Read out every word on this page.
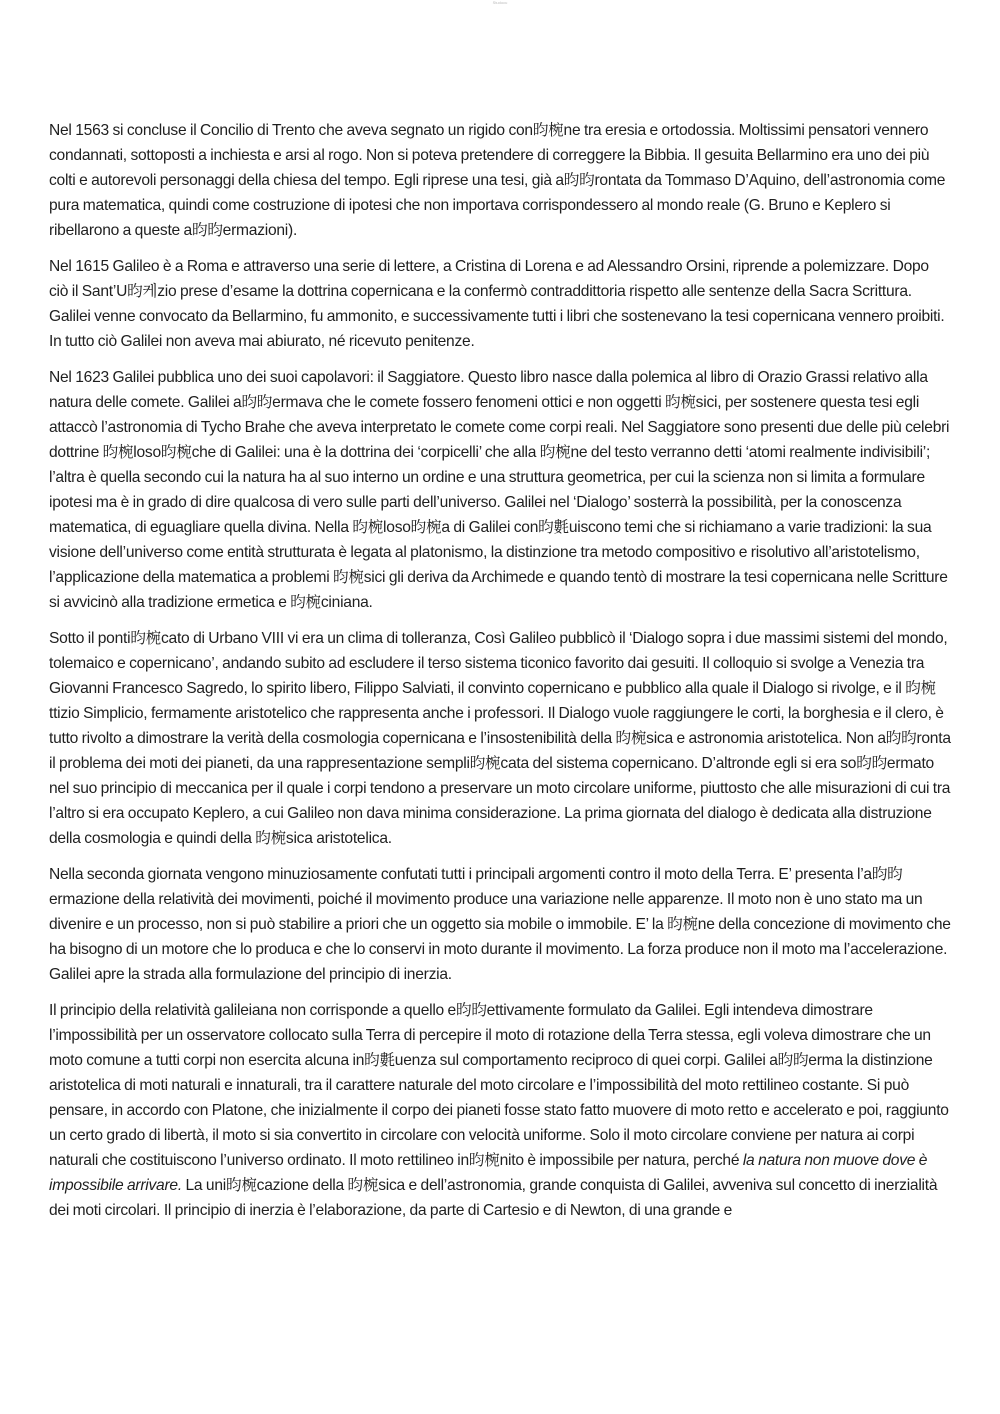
Studocu

Nel 1563 si concluse il Concilio di Trento che aveva segnato un rigido con昀椀ne tra eresia e ortodossia. Moltissimi pensatori vennero condannati, sottoposti a inchiesta e arsi al rogo. Non si poteva pretendere di correggere la Bibbia. Il gesuita Bellarmino era uno dei più colti e autorevoli personaggi della chiesa del tempo. Egli riprese una tesi, già a昀昀rontata da Tommaso D’Aquino, dell’astronomia come pura matematica, quindi come costruzione di ipotesi che non importava corrispondessero al mondo reale (G. Bruno e Keplero si ribellarono a queste a昀昀ermazioni).

Nel 1615 Galileo è a Roma e attraverso una serie di lettere, a Cristina di Lorena e ad Alessandro Orsini, riprende a polemizzare. Dopo ciò il Sant’U昀케zio prese d’esame la dottrina copernicana e la confermò contraddittoria rispetto alle sentenze della Sacra Scrittura. Galilei venne convocato da Bellarmino, fu ammonito, e successivamente tutti i libri che sostenevano la tesi copernicana vennero proibiti. In tutto ciò Galilei non aveva mai abiurato, né ricevuto penitenze.

Nel 1623 Galilei pubblica uno dei suoi capolavori: il Saggiatore. Questo libro nasce dalla polemica al libro di Orazio Grassi relativo alla natura delle comete. Galilei a昀昀ermava che le comete fossero fenomeni ottici e non oggetti 昀椀sici, per sostenere questa tesi egli attaccò l’astronomia di Tycho Brahe che aveva interpretato le comete come corpi reali. Nel Saggiatore sono presenti due delle più celebri dottrine 昀椀loso昀椀che di Galilei: una è la dottrina dei ‘corpicelli’ che alla 昀椀ne del testo verranno detti ‘atomi realmente indivisibili’; l’altra è quella secondo cui la natura ha al suo interno un ordine e una struttura geometrica, per cui la scienza non si limita a formulare ipotesi ma è in grado di dire qualcosa di vero sulle parti dell’universo. Galilei nel ‘Dialogo’ sosterrà la possibilità, per la conoscenza matematica, di eguagliare quella divina. Nella 昀椀loso昀椀a di Galilei con昀氀uiscono temi che si richiamano a varie tradizioni: la sua visione dell’universo come entità strutturata è legata al platonismo, la distinzione tra metodo compositivo e risolutivo all’aristotelismo, l’applicazione della matematica a problemi 昀椀sici gli deriva da Archimede e quando tentò di mostrare la tesi copernicana nelle Scritture si avvicinò alla tradizione ermetica e 昀椀ciniana.

Sotto il ponti昀椀cato di Urbano VIII vi era un clima di tolleranza, Così Galileo pubblicò il ‘Dialogo sopra i due massimi sistemi del mondo, tolemaico e copernicano’, andando subito ad escludere il terso sistema ticonico favorito dai gesuiti. Il colloquio si svolge a Venezia tra Giovanni Francesco Sagredo, lo spirito libero, Filippo Salviati, il convinto copernicano e pubblico alla quale il Dialogo si rivolge, e il 昀椀ttizio Simplicio, fermamente aristotelico che rappresenta anche i professori. Il Dialogo vuole raggiungere le corti, la borghesia e il clero, è tutto rivolto a dimostrare la verità della cosmologia copernicana e l’insostenibilità della 昀椀sica e astronomia aristotelica. Non a昀昀ronta il problema dei moti dei pianeti, da una rappresentazione sempli昀椀cata del sistema copernicano. D’altronde egli si era so昀昀ermato nel suo principio di meccanica per il quale i corpi tendono a preservare un moto circolare uniforme, piuttosto che alle misurazioni di cui tra l’altro si era occupato Keplero, a cui Galileo non dava minima considerazione. La prima giornata del dialogo è dedicata alla distruzione della cosmologia e quindi della 昀椀sica aristotelica.

Nella seconda giornata vengono minuziosamente confutati tutti i principali argomenti contro il moto della Terra. E’ presenta l’a昀昀ermazione della relatività dei movimenti, poiché il movimento produce una variazione nelle apparenze. Il moto non è uno stato ma un divenire e un processo, non si può stabilire a priori che un oggetto sia mobile o immobile. E’ la 昀椀ne della concezione di movimento che ha bisogno di un motore che lo produca e che lo conservi in moto durante il movimento. La forza produce non il moto ma l’accelerazione. Galilei apre la strada alla formulazione del principio di inerzia.

Il principio della relatività galileiana non corrisponde a quello e昀昀ettivamente formulato da Galilei. Egli intendeva dimostrare l’impossibilità per un osservatore collocato sulla Terra di percepire il moto di rotazione della Terra stessa, egli voleva dimostrare che un moto comune a tutti corpi non esercita alcuna in昀氀uenza sul comportamento reciproco di quei corpi. Galilei a昀昀erma la distinzione aristotelica di moti naturali e innaturali, tra il carattere naturale del moto circolare e l’impossibilità del moto rettilineo costante. Si può pensare, in accordo con Platone, che inizialmente il corpo dei pianeti fosse stato fatto muovere di moto retto e accelerato e poi, raggiunto un certo grado di libertà, il moto si sia convertito in circolare con velocità uniforme. Solo il moto circolare conviene per natura ai corpi naturali che costituiscono l’universo ordinato. Il moto rettilineo in昀椀nito è impossibile per natura, perché la natura non muove dove è impossibile arrivare. La uni昀椀cazione della 昀椀sica e dell’astronomia, grande conquista di Galilei, avveniva sul concetto di inerzialità dei moti circolari. Il principio di inerzia è l’elaborazione, da parte di Cartesio e di Newton, di una grande e
